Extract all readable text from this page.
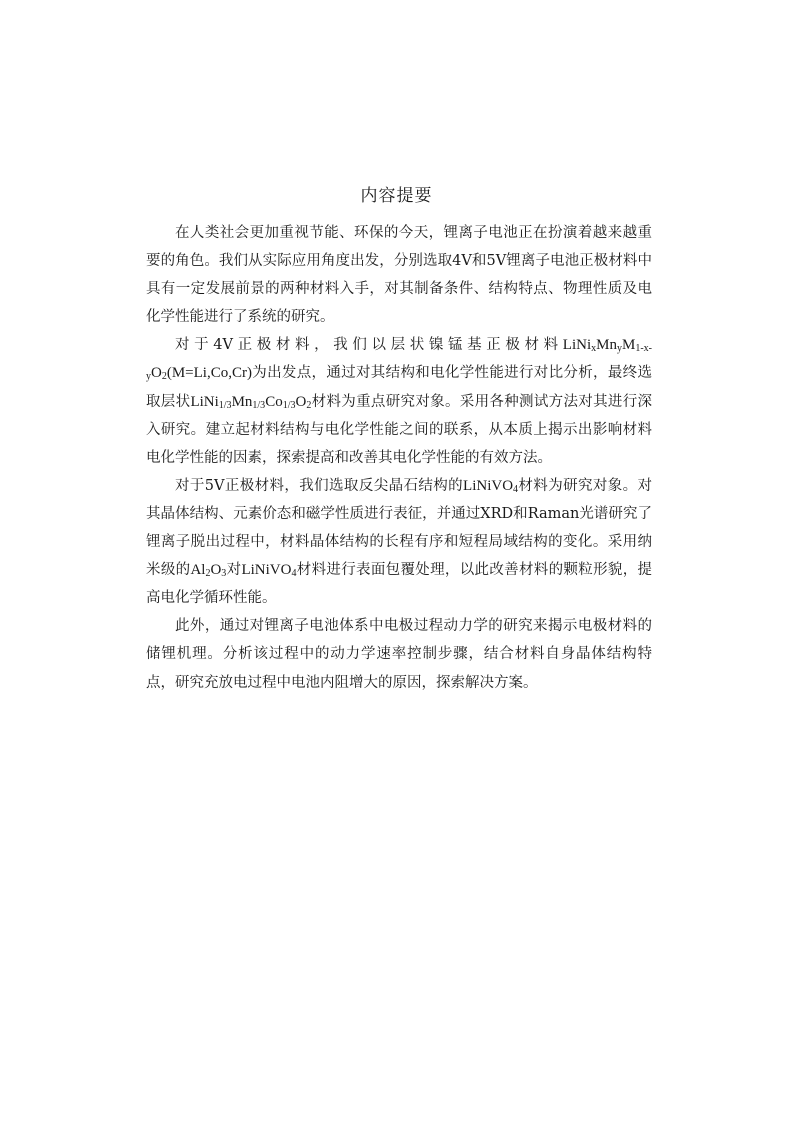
内容提要

在人类社会更加重视节能、环保的今天，锂离子电池正在扮演着越来越重要的角色。我们从实际应用角度出发，分别选取4V和5V锂离子电池正极材料中具有一定发展前景的两种材料入手，对其制备条件、结构特点、物理性质及电化学性能进行了系统的研究。

对于4V正极材料，我们以层状镍锰基正极材料$LiNi_xMn_yM_{1-x-y}O_2(M=Li,Co,Cr)$为出发点，通过对其结构和电化学性能进行对比分析，最终选取层状$LiNi_{1/3}Mn_{1/3}Co_{1/3}O_2$材料为重点研究对象。采用各种测试方法对其进行深入研究。建立起材料结构与电化学性能之间的联系，从本质上揭示出影响材料电化学性能的因素，探索提高和改善其电化学性能的有效方法。

对于5V正极材料，我们选取反尖晶石结构的LiNiVO$_4$材料为研究对象。对其晶体结构、元素价态和磁学性质进行表征，并通过XRD和Raman光谱研究了锂离子脱出过程中，材料晶体结构的长程有序和短程局域结构的变化。采用纳米级的$Al_2O_3$对LiNiVO$_4$材料进行表面包覆处理，以此改善材料的颗粒形貌，提高电化学循环性能。

此外，通过对锂离子电池体系中电极过程动力学的研究来揭示电极材料的储锂机理。分析该过程中的动力学速率控制步骤，结合材料自身晶体结构特点，研究充放电过程中电池内阻增大的原因，探索解决方案。
